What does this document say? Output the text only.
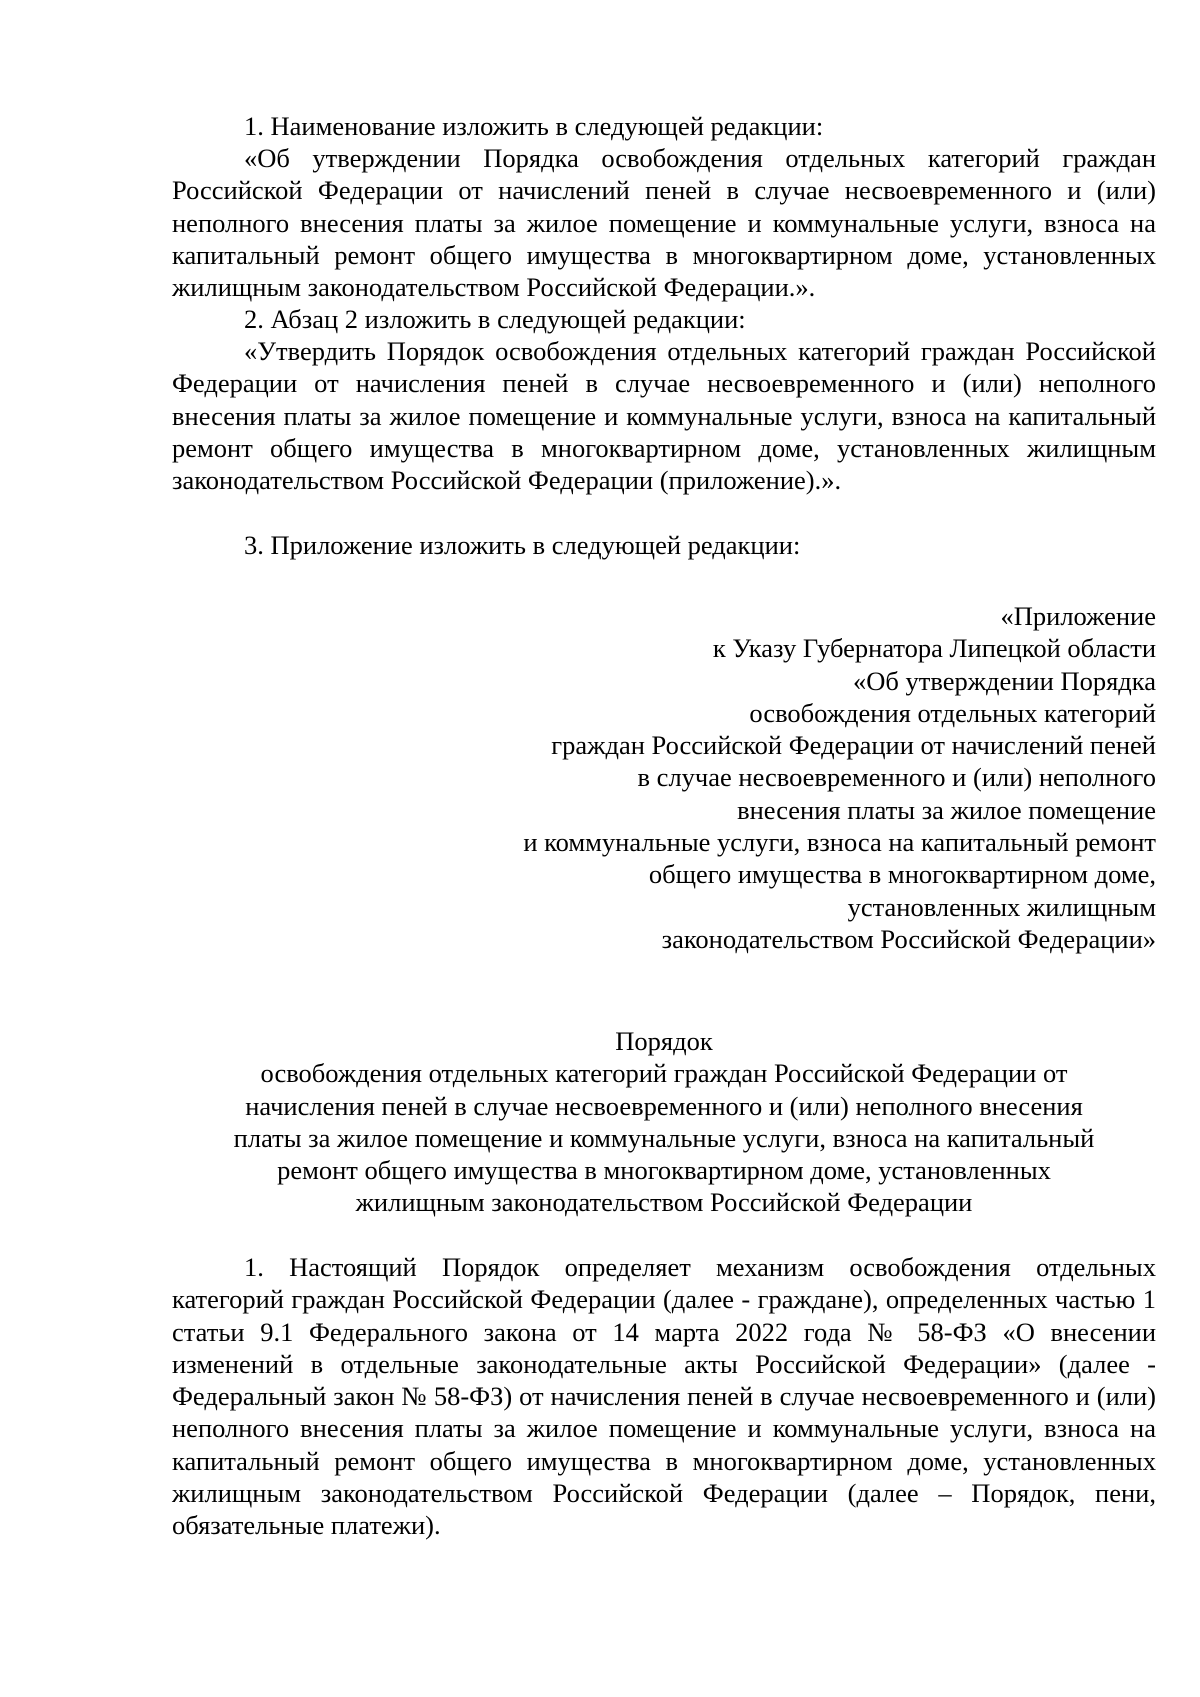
1. Наименование изложить в следующей редакции:

«Об утверждении Порядка освобождения отдельных категорий граждан Российской Федерации от начислений пеней в случае несвоевременного и (или) неполного внесения платы за жилое помещение и коммунальные услуги, взноса на капитальный ремонт общего имущества в многоквартирном доме, установленных жилищным законодательством Российской Федерации.».

2. Абзац 2 изложить в следующей редакции:

«Утвердить Порядок освобождения отдельных категорий граждан Российской Федерации от начисления пеней в случае несвоевременного и (или) неполного внесения платы за жилое помещение и коммунальные услуги, взноса на капитальный ремонт общего имущества в многоквартирном доме, установленных жилищным законодательством Российской Федерации (приложение).».

3. Приложение изложить в следующей редакции:

«Приложение
к Указу Губернатора Липецкой области
«Об утверждении Порядка
освобождения отдельных категорий
граждан Российской Федерации от начислений пеней
в случае несвоевременного и (или) неполного
внесения платы за жилое помещение
и коммунальные услуги, взноса на капитальный ремонт
общего имущества в многоквартирном доме,
установленных жилищным
законодательством Российской Федерации»
Порядок
освобождения отдельных категорий граждан Российской Федерации от
начисления пеней в случае несвоевременного и (или) неполного внесения
платы за жилое помещение и коммунальные услуги, взноса на капитальный
ремонт общего имущества в многоквартирном доме, установленных
жилищным законодательством Российской Федерации

1. Настоящий Порядок определяет механизм освобождения отдельных категорий граждан Российской Федерации (далее - граждане), определенных частью 1 статьи 9.1 Федерального закона от 14 марта 2022 года № 58-ФЗ «О внесении изменений в отдельные законодательные акты Российской Федерации» (далее - Федеральный закон № 58-ФЗ) от начисления пеней в случае несвоевременного и (или) неполного внесения платы за жилое помещение и коммунальные услуги, взноса на капитальный ремонт общего имущества в многоквартирном доме, установленных жилищным законодательством Российской Федерации (далее – Порядок, пени, обязательные платежи).
